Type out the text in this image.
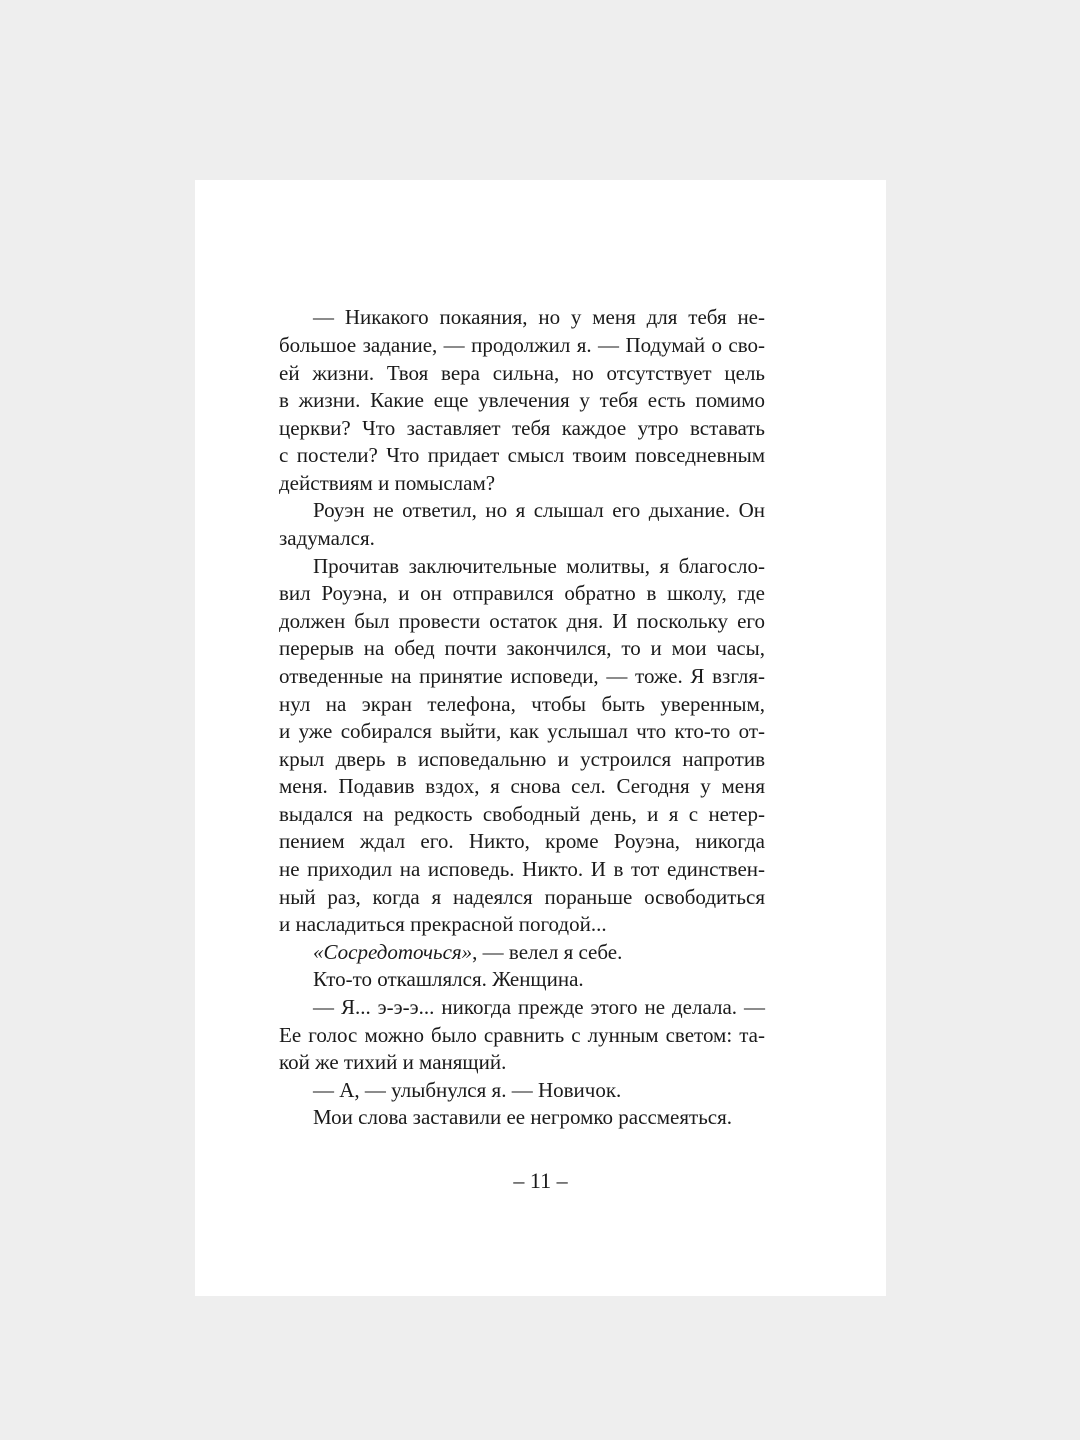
— Никакого покаяния, но у меня для тебя не-
большое задание, — продолжил я. — Подумай о сво-
ей жизни. Твоя вера сильна, но отсутствует цель
в жизни. Какие еще увлечения у тебя есть помимо
церкви? Что заставляет тебя каждое утро вставать
с постели? Что придает смысл твоим повседневным
действиям и помыслам?
Роуэн не ответил, но я слышал его дыхание. Он
задумался.
Прочитав заключительные молитвы, я благосло-
вил Роуэна, и он отправился обратно в школу, где
должен был провести остаток дня. И поскольку его
перерыв на обед почти закончился, то и мои часы,
отведенные на принятие исповеди, — тоже. Я взгля-
нул на экран телефона, чтобы быть уверенным,
и уже собирался выйти, как услышал что кто-то от-
крыл дверь в исповедальню и устроился напротив
меня. Подавив вздох, я снова сел. Сегодня у меня
выдался на редкость свободный день, и я с нетер-
пением ждал его. Никто, кроме Роуэна, никогда
не приходил на исповедь. Никто. И в тот единствен-
ный раз, когда я надеялся пораньше освободиться
и насладиться прекрасной погодой...
«Сосредоточься», — велел я себе.
Кто-то откашлялся. Женщина.
— Я... э-э-э... никогда прежде этого не делала. —
Ее голос можно было сравнить с лунным светом: та-
кой же тихий и манящий.
— А, — улыбнулся я. — Новичок.
Мои слова заставили ее негромко рассмеяться.
– 11 –
